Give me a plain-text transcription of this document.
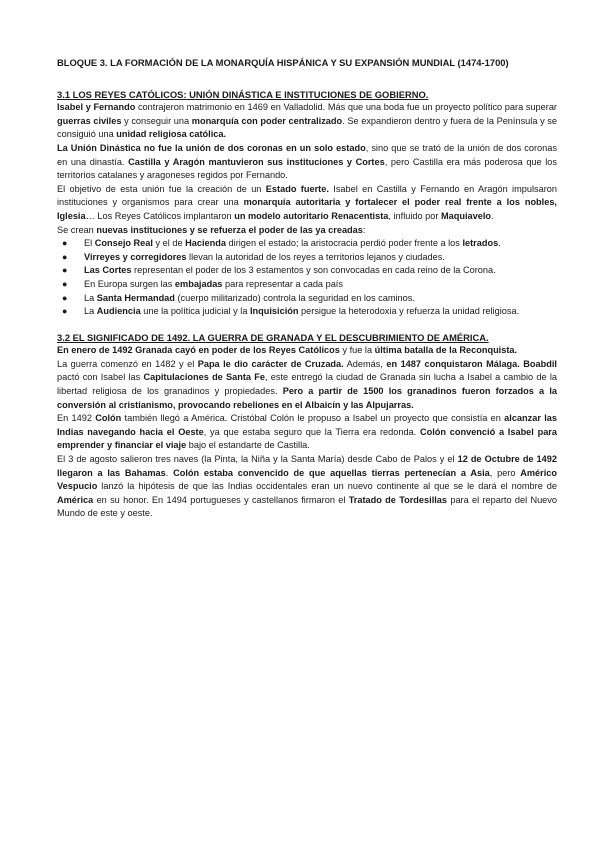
BLOQUE 3. LA FORMACIÓN DE LA MONARQUÍA HISPÁNICA Y SU EXPANSIÓN MUNDIAL (1474-1700)
3.1 LOS REYES CATÓLICOS: UNIÓN DINÁSTICA E INSTITUCIONES DE GOBIERNO.

Isabel y Fernando contrajeron matrimonio en 1469 en Valladolid. Más que una boda fue un proyecto político para superar guerras civiles y conseguir una monarquía con poder centralizado. Se expandieron dentro y fuera de la Península y se consiguió una unidad religiosa católica.

La Unión Dinástica no fue la unión de dos coronas en un solo estado, sino que se trató de la unión de dos coronas en una dinastía. Castilla y Aragón mantuvieron sus instituciones y Cortes, pero Castilla era más poderosa que los territorios catalanes y aragoneses regidos por Fernando.

El objetivo de esta unión fue la creación de un Estado fuerte. Isabel en Castilla y Fernando en Aragón impulsaron instituciones y organismos para crear una monarquía autoritaria y fortalecer el poder real frente a los nobles, Iglesia… Los Reyes Católicos implantaron un modelo autoritario Renacentista, influido por Maquiavelo.

Se crean nuevas instituciones y se refuerza el poder de las ya creadas:

● El Consejo Real y el de Hacienda dirigen el estado; la aristocracia perdió poder frente a los letrados.
● Virreyes y corregidores llevan la autoridad de los reyes a territorios lejanos y ciudades.
● Las Cortes representan el poder de los 3 estamentos y son convocadas en cada reino de la Corona.
● En Europa surgen las embajadas para representar a cada país
● La Santa Hermandad (cuerpo militarizado) controla la seguridad en los caminos.
● La Audiencia une la política judicial y la Inquisición persigue la heterodoxia y refuerza la unidad religiosa.
3.2 EL SIGNIFICADO DE 1492. LA GUERRA DE GRANADA Y EL DESCUBRIMIENTO DE AMÉRICA.

En enero de 1492 Granada cayó en poder de los Reyes Católicos y fue la última batalla de la Reconquista.

La guerra comenzó en 1482 y el Papa le dio carácter de Cruzada. Además, en 1487 conquistaron Málaga. Boabdil pactó con Isabel las Capitulaciones de Santa Fe, este entregó la ciudad de Granada sin lucha a Isabel a cambio de la libertad religiosa de los granadinos y propiedades. Pero a partir de 1500 los granadinos fueron forzados a la conversión al cristianismo, provocando rebeliones en el Albaicín y las Alpujarras.

En 1492 Colón también llegó a América. Cristóbal Colón le propuso a Isabel un proyecto que consistía en alcanzar las Indias navegando hacia el Oeste, ya que estaba seguro que la Tierra era redonda. Colón convenció a Isabel para emprender y financiar el viaje bajo el estandarte de Castilla.

El 3 de agosto salieron tres naves (la Pinta, la Niña y la Santa María) desde Cabo de Palos y el 12 de Octubre de 1492 llegaron a las Bahamas. Colón estaba convencido de que aquellas tierras pertenecían a Asia, pero Américo Vespucio lanzó la hipótesis de que las Indias occidentales eran un nuevo continente al que se le dará el nombre de América en su honor. En 1494 portugueses y castellanos firmaron el Tratado de Tordesillas para el reparto del Nuevo Mundo de este y oeste.
